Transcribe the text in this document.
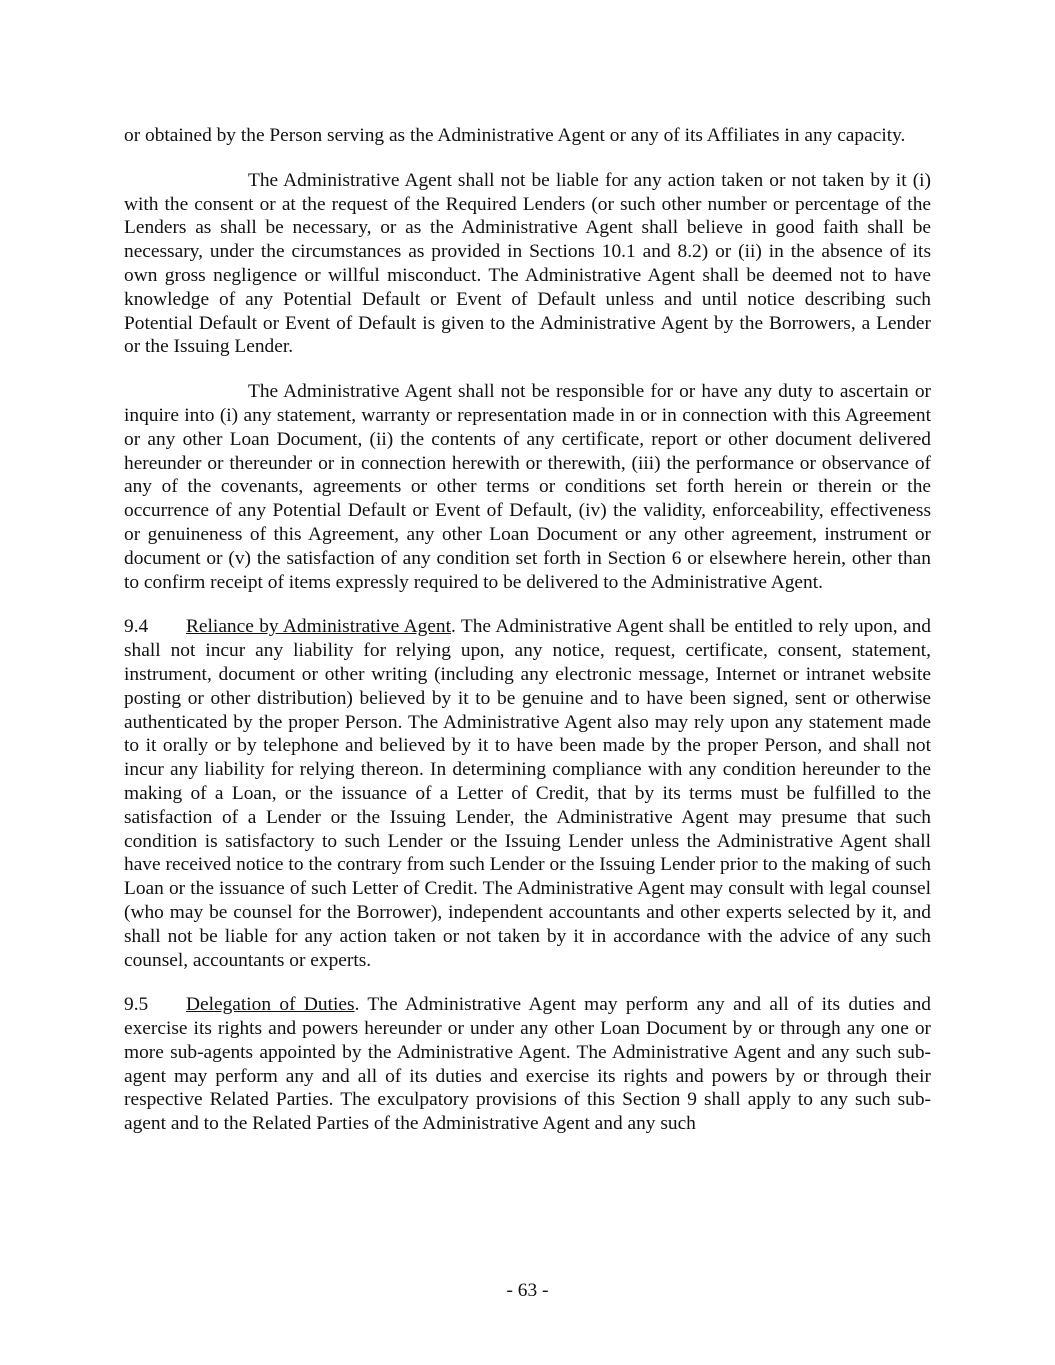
or obtained by the Person serving as the Administrative Agent or any of its Affiliates in any capacity.

The Administrative Agent shall not be liable for any action taken or not taken by it (i) with the consent or at the request of the Required Lenders (or such other number or percentage of the Lenders as shall be necessary, or as the Administrative Agent shall believe in good faith shall be necessary, under the circumstances as provided in Sections 10.1 and 8.2) or (ii) in the absence of its own gross negligence or willful misconduct. The Administrative Agent shall be deemed not to have knowledge of any Potential Default or Event of Default unless and until notice describing such Potential Default or Event of Default is given to the Administrative Agent by the Borrowers, a Lender or the Issuing Lender.

The Administrative Agent shall not be responsible for or have any duty to ascertain or inquire into (i) any statement, warranty or representation made in or in connection with this Agreement or any other Loan Document, (ii) the contents of any certificate, report or other document delivered hereunder or thereunder or in connection herewith or therewith, (iii) the performance or observance of any of the covenants, agreements or other terms or conditions set forth herein or therein or the occurrence of any Potential Default or Event of Default, (iv) the validity, enforceability, effectiveness or genuineness of this Agreement, any other Loan Document or any other agreement, instrument or document or (v) the satisfaction of any condition set forth in Section 6 or elsewhere herein, other than to confirm receipt of items expressly required to be delivered to the Administrative Agent.

9.4 Reliance by Administrative Agent. The Administrative Agent shall be entitled to rely upon, and shall not incur any liability for relying upon, any notice, request, certificate, consent, statement, instrument, document or other writing (including any electronic message, Internet or intranet website posting or other distribution) believed by it to be genuine and to have been signed, sent or otherwise authenticated by the proper Person. The Administrative Agent also may rely upon any statement made to it orally or by telephone and believed by it to have been made by the proper Person, and shall not incur any liability for relying thereon. In determining compliance with any condition hereunder to the making of a Loan, or the issuance of a Letter of Credit, that by its terms must be fulfilled to the satisfaction of a Lender or the Issuing Lender, the Administrative Agent may presume that such condition is satisfactory to such Lender or the Issuing Lender unless the Administrative Agent shall have received notice to the contrary from such Lender or the Issuing Lender prior to the making of such Loan or the issuance of such Letter of Credit. The Administrative Agent may consult with legal counsel (who may be counsel for the Borrower), independent accountants and other experts selected by it, and shall not be liable for any action taken or not taken by it in accordance with the advice of any such counsel, accountants or experts.

9.5 Delegation of Duties. The Administrative Agent may perform any and all of its duties and exercise its rights and powers hereunder or under any other Loan Document by or through any one or more sub-agents appointed by the Administrative Agent. The Administrative Agent and any such sub-agent may perform any and all of its duties and exercise its rights and powers by or through their respective Related Parties. The exculpatory provisions of this Section 9 shall apply to any such sub-agent and to the Related Parties of the Administrative Agent and any such

- 63 -
